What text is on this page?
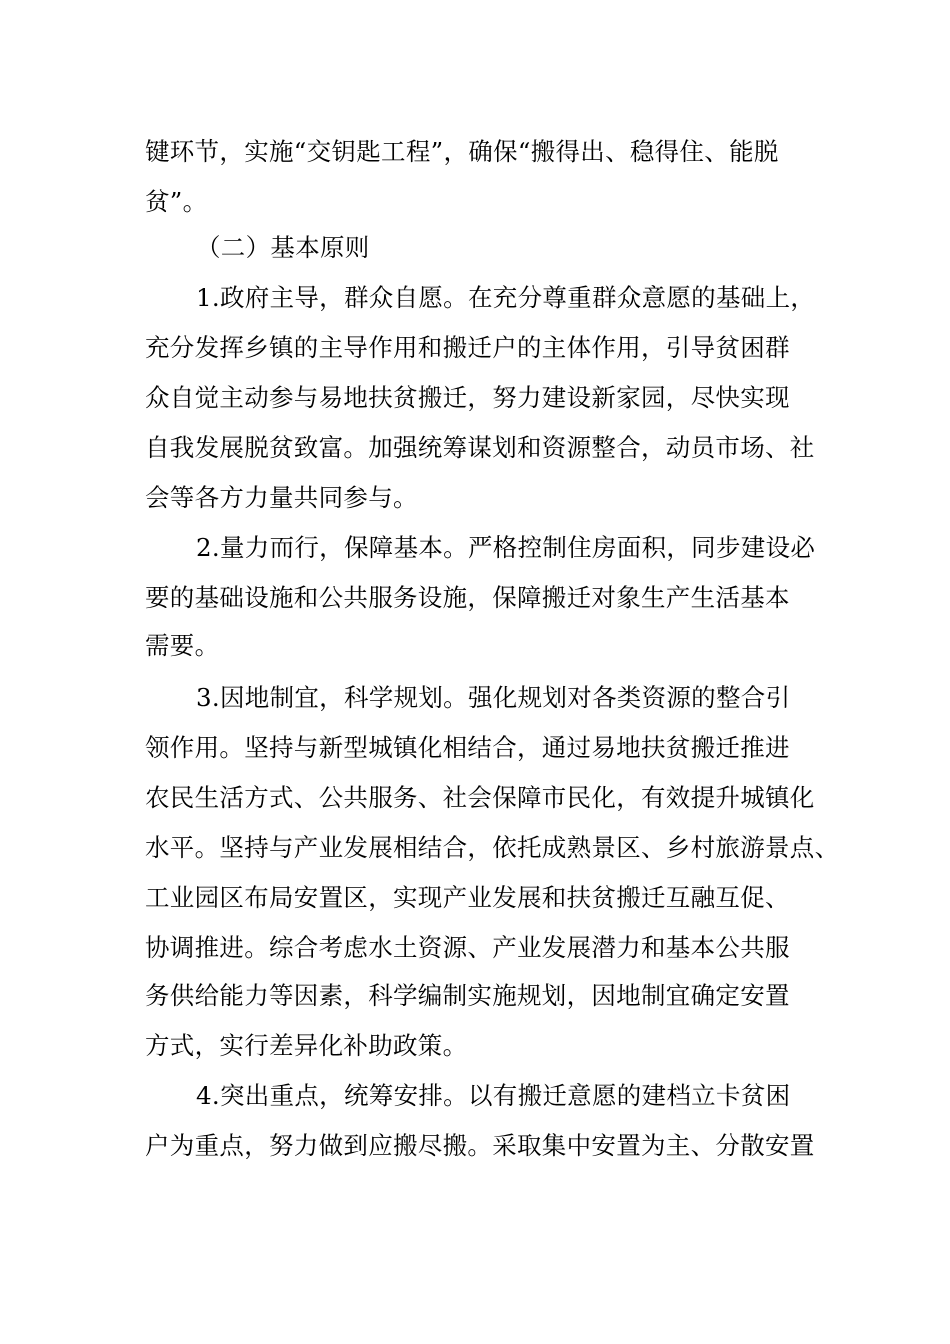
键环节，实施“交钥匙工程”，确保“搬得出、稳得住、能脱
贫”。
（二）基本原则
1.政府主导，群众自愿。在充分尊重群众意愿的基础上，
充分发挥乡镇的主导作用和搬迁户的主体作用，引导贫困群
众自觉主动参与易地扶贫搬迁，努力建设新家园，尽快实现
自我发展脱贫致富。加强统筹谋划和资源整合，动员市场、社
会等各方力量共同参与。
2.量力而行，保障基本。严格控制住房面积，同步建设必
要的基础设施和公共服务设施，保障搬迁对象生产生活基本
需要。
3.因地制宜，科学规划。强化规划对各类资源的整合引
领作用。坚持与新型城镇化相结合，通过易地扶贫搬迁推进
农民生活方式、公共服务、社会保障市民化，有效提升城镇化
水平。坚持与产业发展相结合，依托成熟景区、乡村旅游景点、
工业园区布局安置区，实现产业发展和扶贫搬迁互融互促、
协调推进。综合考虑水土资源、产业发展潜力和基本公共服
务供给能力等因素，科学编制实施规划，因地制宜确定安置
方式，实行差异化补助政策。
4.突出重点，统筹安排。以有搬迁意愿的建档立卡贫困
户为重点，努力做到应搬尽搬。采取集中安置为主、分散安置
